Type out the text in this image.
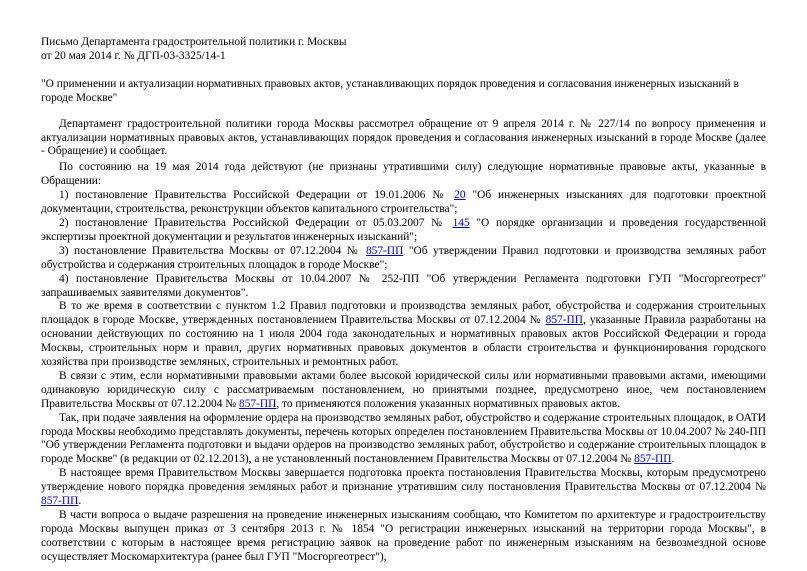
Письмо Департамента градостроительной политики г. Москвы
от 20 мая 2014 г. № ДГП-03-3325/14-1
"О применении и актуализации нормативных правовых актов, устанавливающих порядок проведения и согласования инженерных изысканий в городе Москве"

Департамент градостроительной политики города Москвы рассмотрел обращение от 9 апреля 2014 г. № 227/14 по вопросу применения и актуализации нормативных правовых актов, устанавливающих порядок проведения и согласования инженерных изысканий в городе Москве (далее - Обращение) и сообщает.

По состоянию на 19 мая 2014 года действуют (не признаны утратившими силу) следующие нормативные правовые акты, указанные в Обращении:

1) постановление Правительства Российской Федерации от 19.01.2006 № 20 "Об инженерных изысканиях для подготовки проектной документации, строительства, реконструкции объектов капитального строительства";

2) постановление Правительства Российской Федерации от 05.03.2007 № 145 "О порядке организации и проведения государственной экспертизы проектной документации и результатов инженерных изысканий";

3) постановление Правительства Москвы от 07.12.2004 № 857-ПП "Об утверждении Правил подготовки и производства земляных работ обустройства и содержания строительных площадок в городе Москве";

4) постановление Правительства Москвы от 10.04.2007 № 252-ПП "Об утверждении Регламента подготовки ГУП "Мосгоргеотрест" запрашиваемых заявителями документов".

В то же время в соответствии с пунктом 1.2 Правил подготовки и производства земляных работ, обустройства и содержания строительных площадок в городе Москве, утвержденных постановлением Правительства Москвы от 07.12.2004 № 857-ПП, указанные Правила разработаны на основании действующих по состоянию на 1 июля 2004 года законодательных и нормативных правовых актов Российской Федерации и города Москвы, строительных норм и правил, других нормативных правовых документов в области строительства и функционирования городского хозяйства при производстве земляных, строительных и ремонтных работ.

В связи с этим, если нормативными правовыми актами более высокой юридической силы или нормативными правовыми актами, имеющими одинаковую юридическую силу с рассматриваемым постановлением, но принятыми позднее, предусмотрено иное, чем постановлением Правительства Москвы от 07.12.2004 № 857-ПП, то применяются положения указанных нормативных правовых актов.

Так, при подаче заявления на оформление ордера на производство земляных работ, обустройство и содержание строительных площадок, в ОАТИ города Москвы необходимо представлять документы, перечень которых определен постановлением Правительства Москвы от 10.04.2007 № 240-ПП "Об утверждении Регламента подготовки и выдачи ордеров на производство земляных работ, обустройство и содержание строительных площадок в городе Москве" (в редакции от 02.12.2013), а не установленный постановлением Правительства Москвы от 07.12.2004 № 857-ПП.

В настоящее время Правительством Москвы завершается подготовка проекта постановления Правительства Москвы, которым предусмотрено утверждение нового порядка проведения земляных работ и признание утратившим силу постановления Правительства Москвы от 07.12.2004 № 857-ПП.

В части вопроса о выдаче разрешения на проведение инженерных изысканиям сообщаю, что Комитетом по архитектуре и градостроительству города Москвы выпущен приказ от 3 сентября 2013 г. № 1854 "О регистрации инженерных изысканий на территории города Москвы", в соответствии с которым в настоящее время регистрацию заявок на проведение работ по инженерным изысканиям на безвозмездной основе осуществляет Москомархитектура (ранее был ГУП "Мосгоргеотрест"),
